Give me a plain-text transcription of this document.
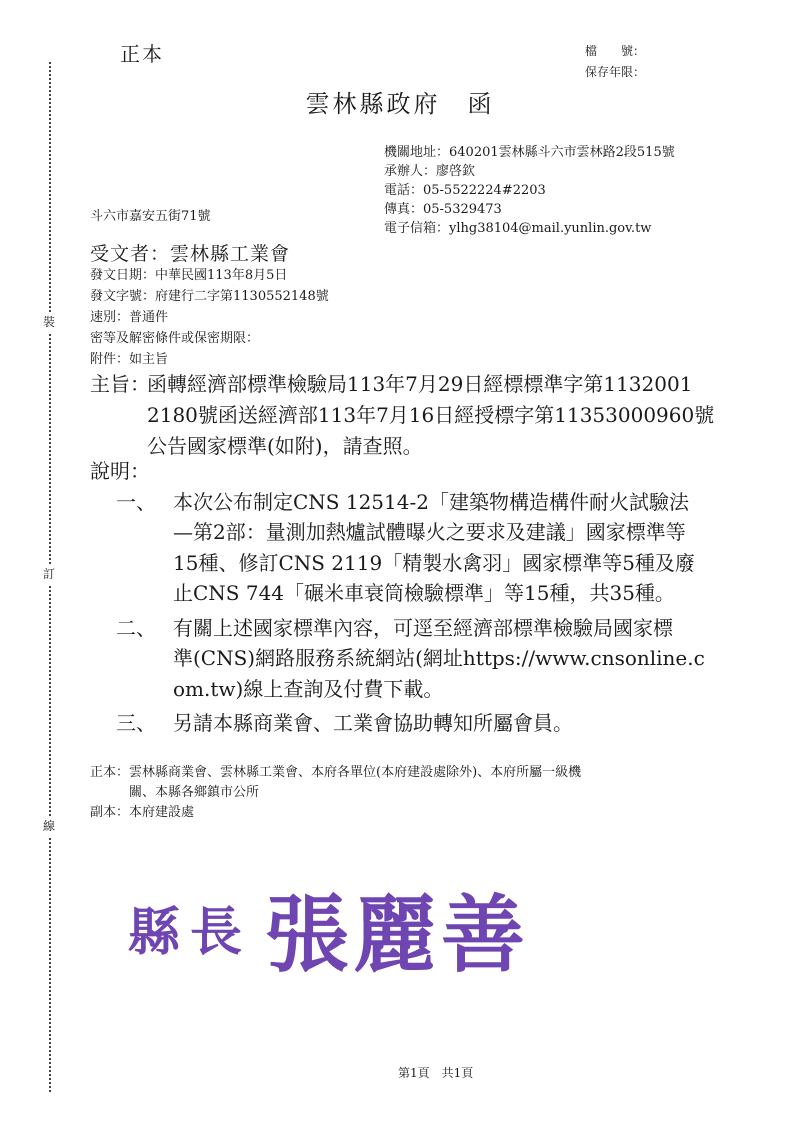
裝
訂
線
正本	檔　　號：
保存年限：
雲林縣政府　函
機關地址：640201雲林縣斗六市雲林路2段515號
承辦人：廖啓欽
電話：05-5522224#2203
傳真：05-5329473
電子信箱：ylhg38104@mail.yunlin.gov.tw
斗六市嘉安五街71號
受文者：雲林縣工業會
發文日期：中華民國113年8月5日
發文字號：府建行二字第1130552148號
速別：普通件
密等及解密條件或保密期限：
附件：如主旨
主旨：函轉經濟部標準檢驗局113年7月29日經標標準字第1132001
2180號函送經濟部113年7月16日經授標字第11353000960號
公告國家標準(如附)，請查照。
說明：
一、 本次公布制定CNS 12514-2「建築物構造構件耐火試驗法
—第2部：量測加熱爐試體曝火之要求及建議」國家標準等
15種、修訂CNS 2119「精製水禽羽」國家標準等5種及廢
止CNS 744「碾米車衰筒檢驗標準」等15種，共35種。
二、 有關上述國家標準內容，可逕至經濟部標準檢驗局國家標
準(CNS)網路服務系統網站(網址https://www.cnsonline.c
om.tw)線上查詢及付費下載。
三、 另請本縣商業會、工業會協助轉知所屬會員。
正本：雲林縣商業會、雲林縣工業會、本府各單位(本府建設處除外)、本府所屬一級機
關、本縣各鄉鎮市公所
副本：本府建設處
縣長 張麗善
第1頁　共1頁
